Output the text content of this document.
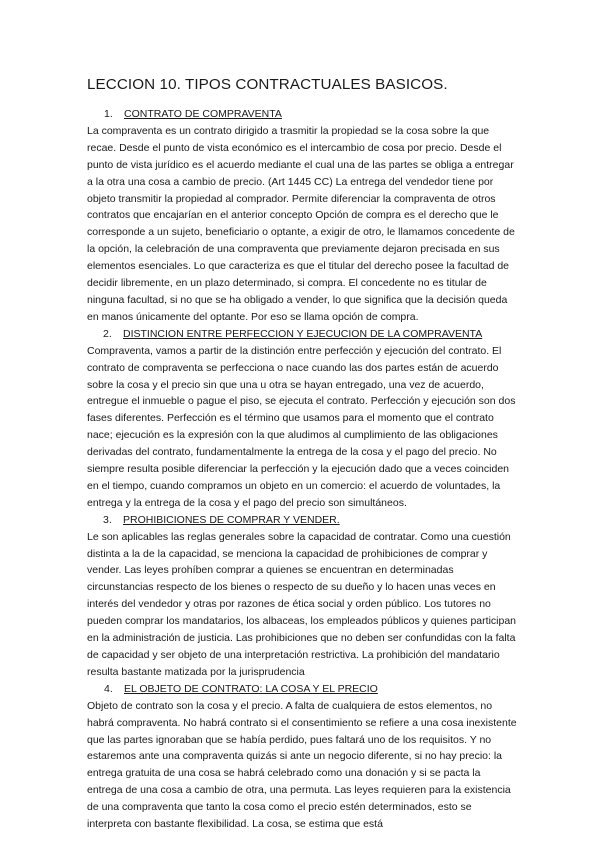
LECCION 10. TIPOS CONTRACTUALES BASICOS.
1. CONTRATO DE COMPRAVENTA

La compraventa es un contrato dirigido a trasmitir la propiedad se la cosa sobre la que recae. Desde el punto de vista económico es el intercambio de cosa por precio. Desde el punto de vista jurídico es el acuerdo mediante el cual una de las partes se obliga a entregar a la otra una cosa a cambio de precio. (Art 1445 CC) La entrega del vendedor tiene por objeto transmitir la propiedad al comprador. Permite diferenciar la compraventa de otros contratos que encajarían en el anterior concepto Opción de compra es el derecho que le corresponde a un sujeto, beneficiario o optante, a exigir de otro, le llamamos concedente de la opción, la celebración de una compraventa que previamente dejaron precisada en sus elementos esenciales. Lo que caracteriza es que el titular del derecho posee la facultad de decidir libremente, en un plazo determinado, si compra. El concedente no es titular de ninguna facultad, si no que se ha obligado a vender, lo que significa que la decisión queda en manos únicamente del optante. Por eso se llama opción de compra.

2. DISTINCION ENTRE PERFECCION Y EJECUCION DE LA COMPRAVENTA

Compraventa, vamos a partir de la distinción entre perfección y ejecución del contrato. El contrato de compraventa se perfecciona o nace cuando las dos partes están de acuerdo sobre la cosa y el precio sin que una u otra se hayan entregado, una vez de acuerdo, entregue el inmueble o pague el piso, se ejecuta el contrato. Perfección y ejecución son dos fases diferentes. Perfección es el término que usamos para el momento que el contrato nace; ejecución es la expresión con la que aludimos al cumplimiento de las obligaciones derivadas del contrato, fundamentalmente la entrega de la cosa y el pago del precio. No siempre resulta posible diferenciar la perfección y la ejecución dado que a veces coinciden en el tiempo, cuando compramos un objeto en un comercio: el acuerdo de voluntades, la entrega y la entrega de la cosa y el pago del precio son simultáneos.

3. PROHIBICIONES DE COMPRAR Y VENDER.

Le son aplicables las reglas generales sobre la capacidad de contratar. Como una cuestión distinta a la de la capacidad, se menciona la capacidad de prohibiciones de comprar y vender. Las leyes prohíben comprar a quienes se encuentran en determinadas circunstancias respecto de los bienes o respecto de su dueño y lo hacen unas veces en interés del vendedor y otras por razones de ética social y orden público. Los tutores no pueden comprar los mandatarios, los albaceas, los empleados públicos y quienes participan en la administración de justicia. Las prohibiciones que no deben ser confundidas con la falta de capacidad y ser objeto de una interpretación restrictiva. La prohibición del mandatario resulta bastante matizada por la jurisprudencia

4. EL OBJETO DE CONTRATO: LA COSA Y EL PRECIO

Objeto de contrato son la cosa y el precio. A falta de cualquiera de estos elementos, no habrá compraventa. No habrá contrato si el consentimiento se refiere a una cosa inexistente que las partes ignoraban que se había perdido, pues faltará uno de los requisitos. Y no estaremos ante una compraventa quizás si ante un negocio diferente, si no hay precio: la entrega gratuita de una cosa se habrá celebrado como una donación y si se pacta la entrega de una cosa a cambio de otra, una permuta. Las leyes requieren para la existencia de una compraventa que tanto la cosa como el precio estén determinados, esto se interpreta con bastante flexibilidad. La cosa, se estima que está
